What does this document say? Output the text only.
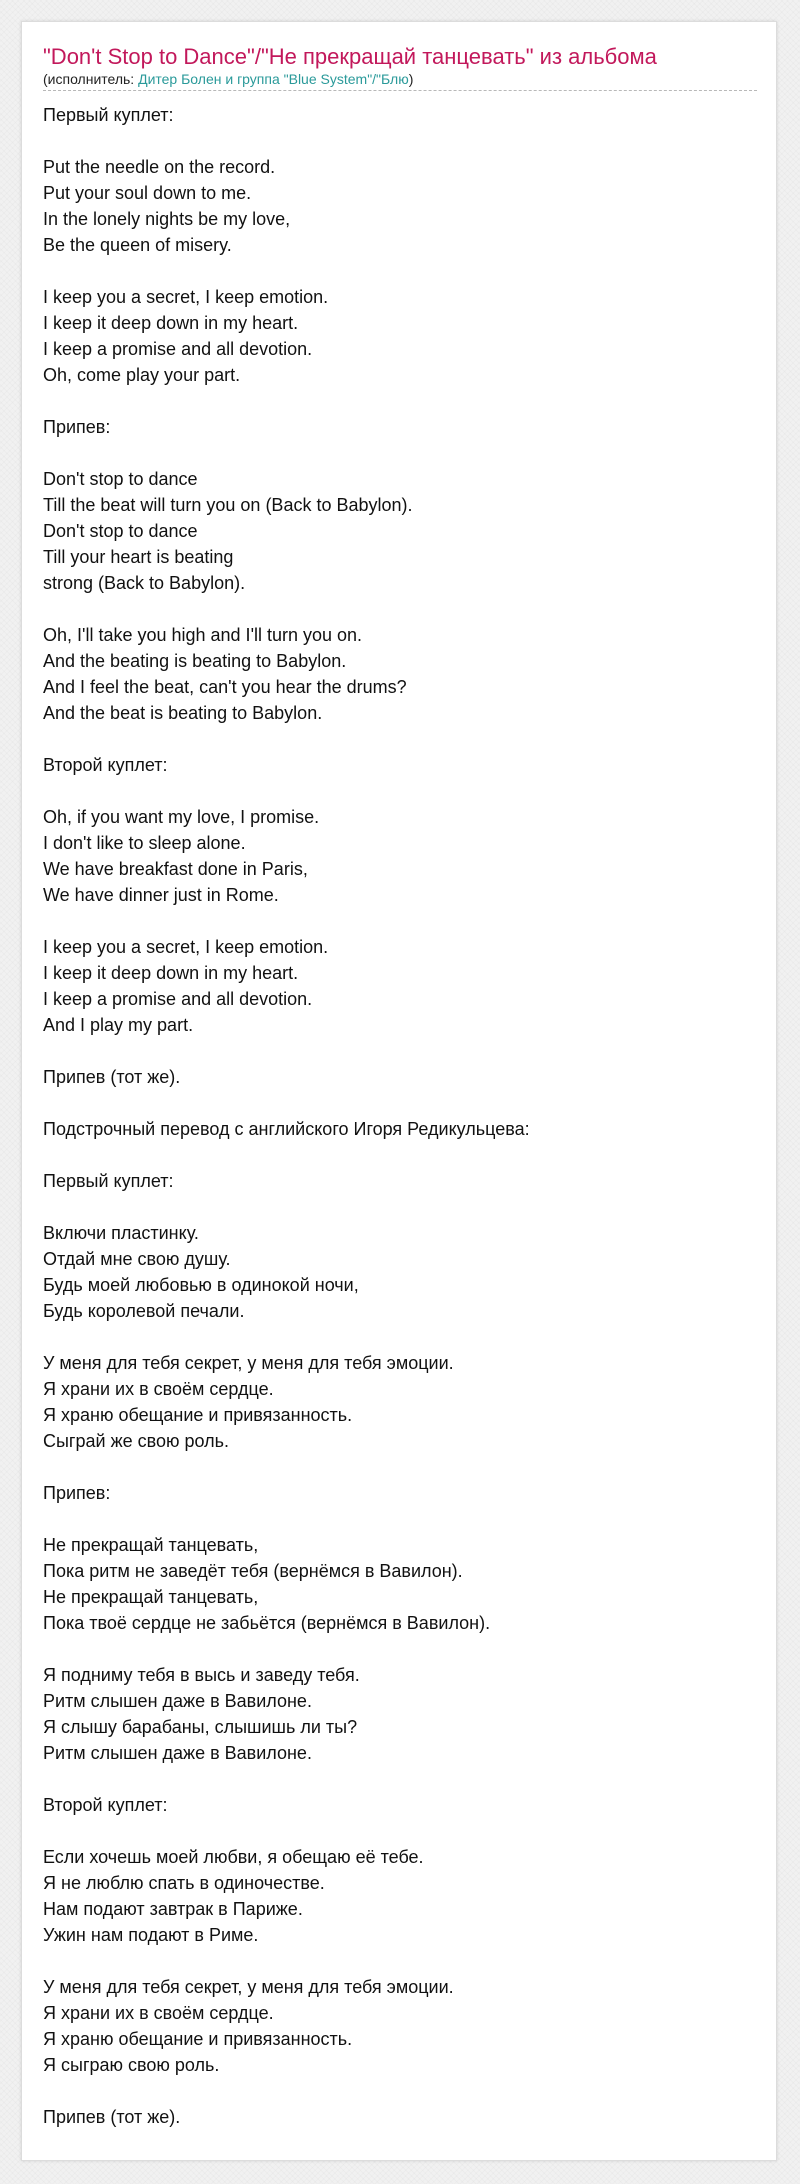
"Don't Stop to Dance"/"Не прекращай танцевать" из альбома
(исполнитель: Дитер Болен и группа "Blue System"/"Блю)
Первый куплет:
Put the needle on the record.
Put your soul down to me.
In the lonely nights be my love,
Be the queen of misery.
I keep you a secret, I keep emotion.
I keep it deep down in my heart.
I keep a promise and all devotion.
Oh, come play your part.
Припев:
Don't stop to dance
Till the beat will turn you on (Back to Babylon).
Don't stop to dance
Till your heart is beating
strong (Back to Babylon).
Oh, I'll take you high and I'll turn you on.
And the beating is beating to Babylon.
And I feel the beat, can't you hear the drums?
And the beat is beating to Babylon.
Второй куплет:
Oh, if you want my love, I promise.
I don't like to sleep alone.
We have breakfast done in Paris,
We have dinner just in Rome.
I keep you a secret, I keep emotion.
I keep it deep down in my heart.
I keep a promise and all devotion.
And I play my part.
Припев (тот же).
Подстрочный перевод с английского Игоря Редикульцева:
Первый куплет:
Включи пластинку.
Отдай мне свою душу.
Будь моей любовью в одинокой ночи,
Будь королевой печали.
У меня для тебя секрет, у меня для тебя эмоции.
Я храни их в своём сердце.
Я храню обещание и привязанность.
Сыграй же свою роль.
Припев:
Не прекращай танцевать,
Пока ритм не заведёт тебя (вернёмся в Вавилон).
Не прекращай танцевать,
Пока твоё сердце не забьётся (вернёмся в Вавилон).
Я подниму тебя в высь и заведу тебя.
Ритм слышен даже в Вавилоне.
Я слышу барабаны, слышишь ли ты?
Ритм слышен даже в Вавилоне.
Второй куплет:
Если хочешь моей любви, я обещаю её тебе.
Я не люблю спать в одиночестве.
Нам подают завтрак в Париже.
Ужин нам подают в Риме.
У меня для тебя секрет, у меня для тебя эмоции.
Я храни их в своём сердце.
Я храню обещание и привязанность.
Я сыграю свою роль.
Припев (тот же).
